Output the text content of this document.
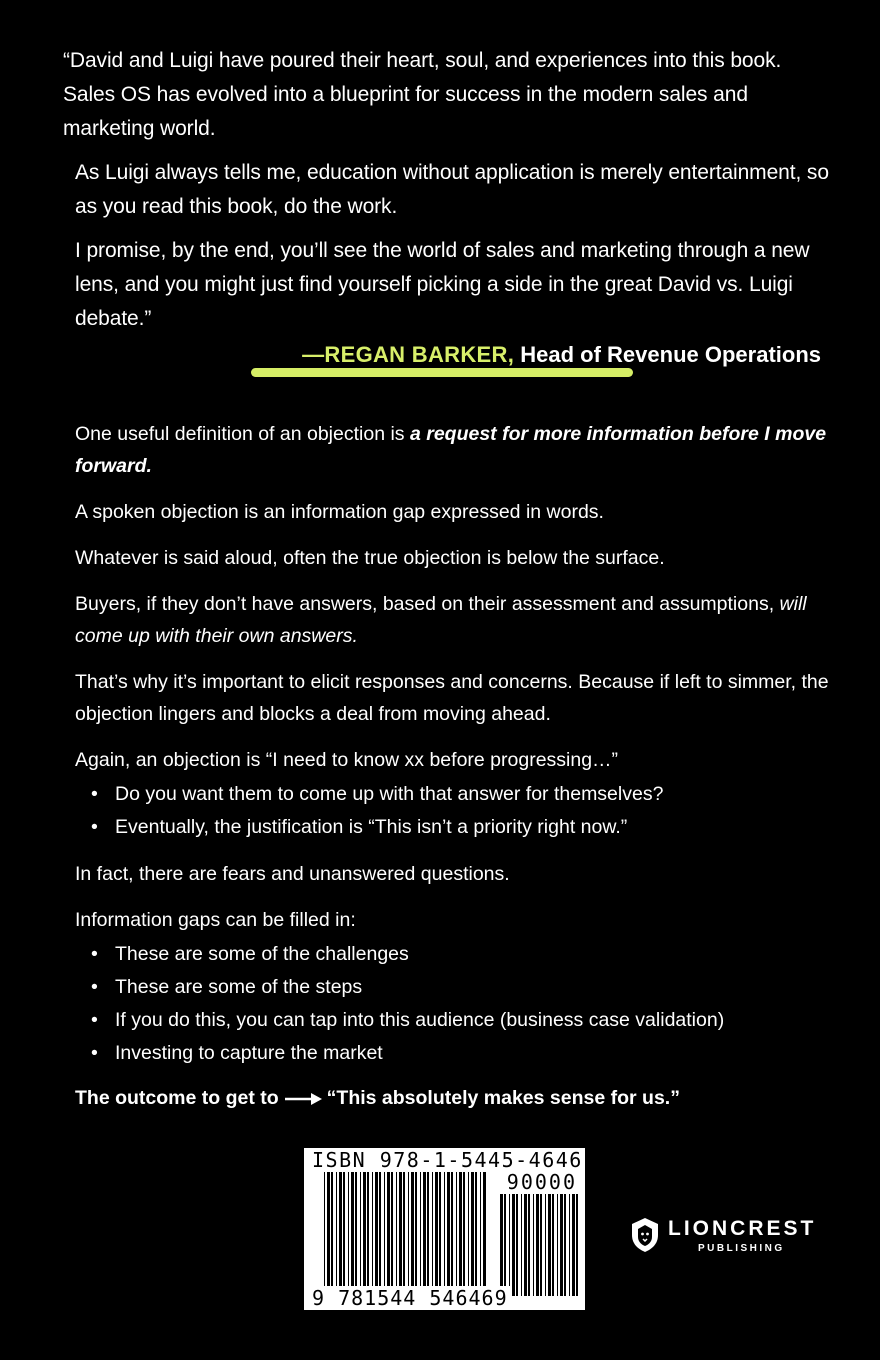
“David and Luigi have poured their heart, soul, and experiences into this book. Sales OS has evolved into a blueprint for success in the modern sales and marketing world.

As Luigi always tells me, education without application is merely entertainment, so as you read this book, do the work.

I promise, by the end, you’ll see the world of sales and marketing through a new lens, and you might just find yourself picking a side in the great David vs. Luigi debate.”

—REGAN BARKER, Head of Revenue Operations

One useful definition of an objection is a request for more information before I move forward.

A spoken objection is an information gap expressed in words.

Whatever is said aloud, often the true objection is below the surface.

Buyers, if they don’t have answers, based on their assessment and assumptions, will come up with their own answers.

That’s why it’s important to elicit responses and concerns. Because if left to simmer, the objection lingers and blocks a deal from moving ahead.

Again, an objection is “I need to know xx before progressing…”

• Do you want them to come up with that answer for themselves?
• Eventually, the justification is “This isn’t a priority right now.”

In fact, there are fears and unanswered questions.

Information gaps can be filled in:

• These are some of the challenges
• These are some of the steps
• If you do this, you can tap into this audience (business case validation)
• Investing to capture the market
The outcome to get to “This absolutely makes sense for us.”
ISBN 978-1-5445-4646-9
90000
9 781544 546469
LIONCREST
PUBLISHING
